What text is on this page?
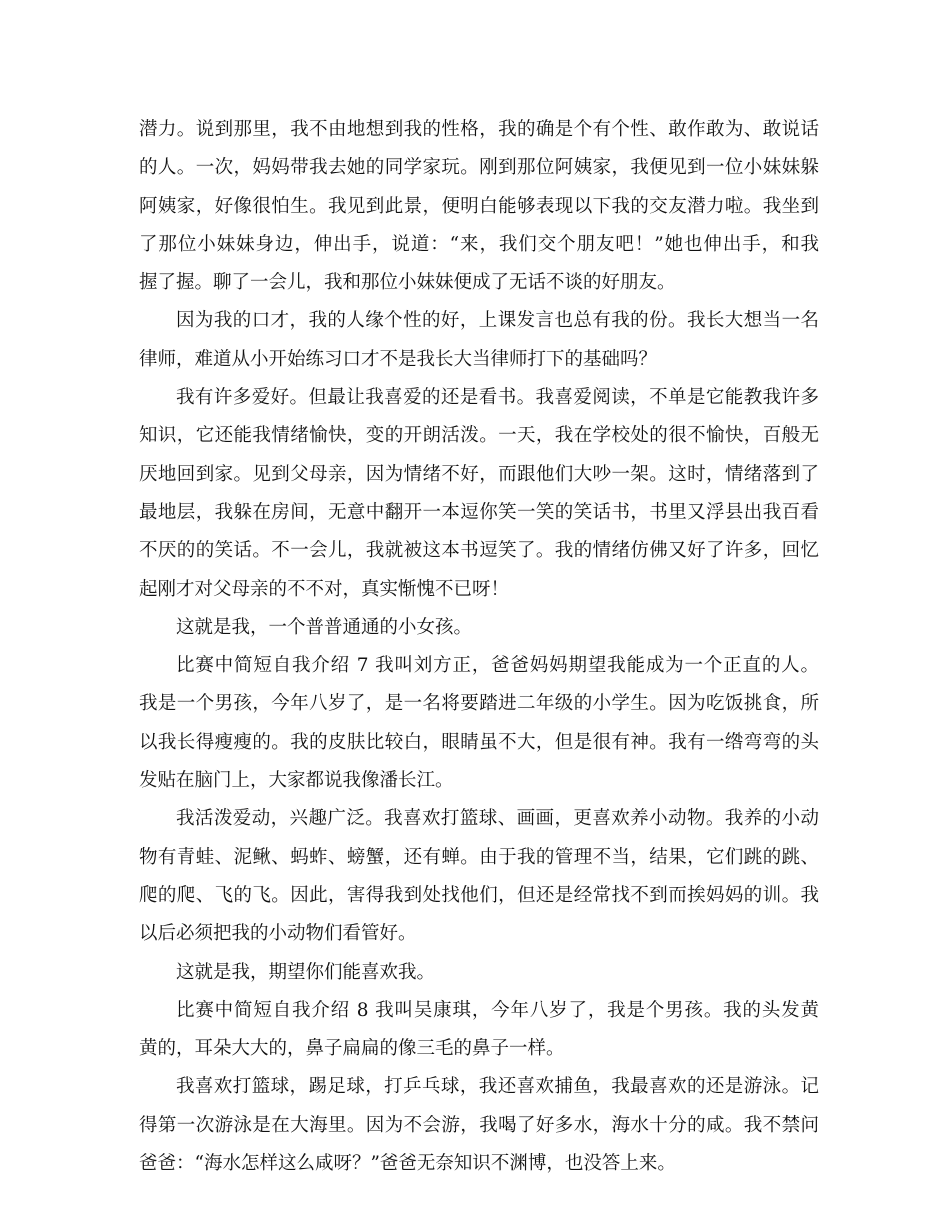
潜力。说到那里，我不由地想到我的性格，我的确是个有个性、敢作敢为、敢说话
的人。一次，妈妈带我去她的同学家玩。刚到那位阿姨家，我便见到一位小妹妹躲
阿姨家，好像很怕生。我见到此景，便明白能够表现以下我的交友潜力啦。我坐到
了那位小妹妹身边，伸出手，说道：“来，我们交个朋友吧！”她也伸出手，和我
握了握。聊了一会儿，我和那位小妹妹便成了无话不谈的好朋友。
因为我的口才，我的人缘个性的好，上课发言也总有我的份。我长大想当一名
律师，难道从小开始练习口才不是我长大当律师打下的基础吗？
我有许多爱好。但最让我喜爱的还是看书。我喜爱阅读，不单是它能教我许多
知识，它还能我情绪愉快，变的开朗活泼。一天，我在学校处的很不愉快，百般无
厌地回到家。见到父母亲，因为情绪不好，而跟他们大吵一架。这时，情绪落到了
最地层，我躲在房间，无意中翻开一本逗你笑一笑的笑话书，书里又浮县出我百看
不厌的的笑话。不一会儿，我就被这本书逗笑了。我的情绪仿佛又好了许多，回忆
起刚才对父母亲的不不对，真实惭愧不已呀！
这就是我，一个普普通通的小女孩。
比赛中简短自我介绍 7 我叫刘方正，爸爸妈妈期望我能成为一个正直的人。
我是一个男孩，今年八岁了，是一名将要踏进二年级的小学生。因为吃饭挑食，所
以我长得瘦瘦的。我的皮肤比较白，眼睛虽不大，但是很有神。我有一绺弯弯的头
发贴在脑门上，大家都说我像潘长江。
我活泼爱动，兴趣广泛。我喜欢打篮球、画画，更喜欢养小动物。我养的小动
物有青蛙、泥鳅、蚂蚱、螃蟹，还有蝉。由于我的管理不当，结果，它们跳的跳、
爬的爬、飞的飞。因此，害得我到处找他们，但还是经常找不到而挨妈妈的训。我
以后必须把我的小动物们看管好。
这就是我，期望你们能喜欢我。
比赛中简短自我介绍 8 我叫吴康琪，今年八岁了，我是个男孩。我的头发黄
黄的，耳朵大大的，鼻子扁扁的像三毛的鼻子一样。
我喜欢打篮球，踢足球，打乒乓球，我还喜欢捕鱼，我最喜欢的还是游泳。记
得第一次游泳是在大海里。因为不会游，我喝了好多水，海水十分的咸。我不禁问
爸爸：“海水怎样这么咸呀？”爸爸无奈知识不渊博，也没答上来。
